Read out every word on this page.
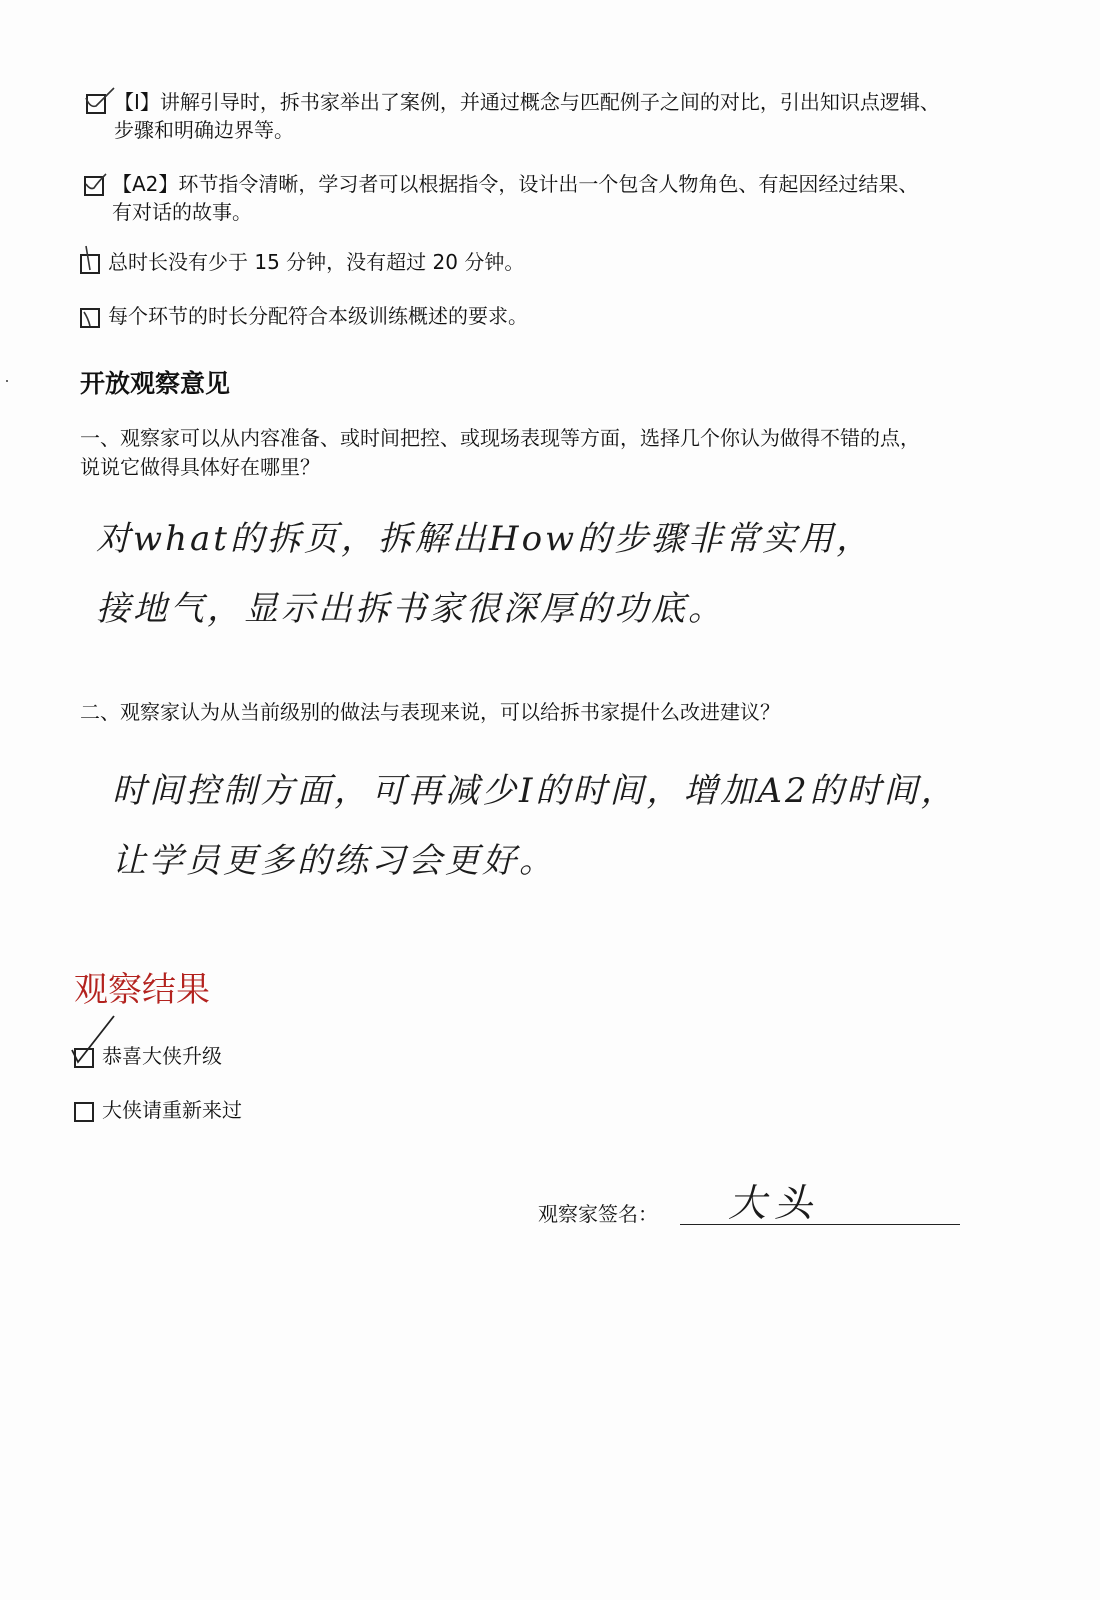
【I】讲解引导时，拆书家举出了案例，并通过概念与匹配例子之间的对比，引出知识点逻辑、
步骤和明确边界等。
【A2】环节指令清晰，学习者可以根据指令，设计出一个包含人物角色、有起因经过结果、
有对话的故事。
总时长没有少于 15 分钟，没有超过 20 分钟。
每个环节的时长分配符合本级训练概述的要求。
开放观察意见
一、观察家可以从内容准备、或时间把控、或现场表现等方面，选择几个你认为做得不错的点，
说说它做得具体好在哪里？
对what的拆页，拆解出How的步骤非常实用，
接地气，显示出拆书家很深厚的功底。
二、观察家认为从当前级别的做法与表现来说，可以给拆书家提什么改进建议？
时间控制方面，可再减少I的时间，增加A2的时间，
让学员更多的练习会更好。
观察结果
恭喜大侠升级
大侠请重新来过
观察家签名： 大头
